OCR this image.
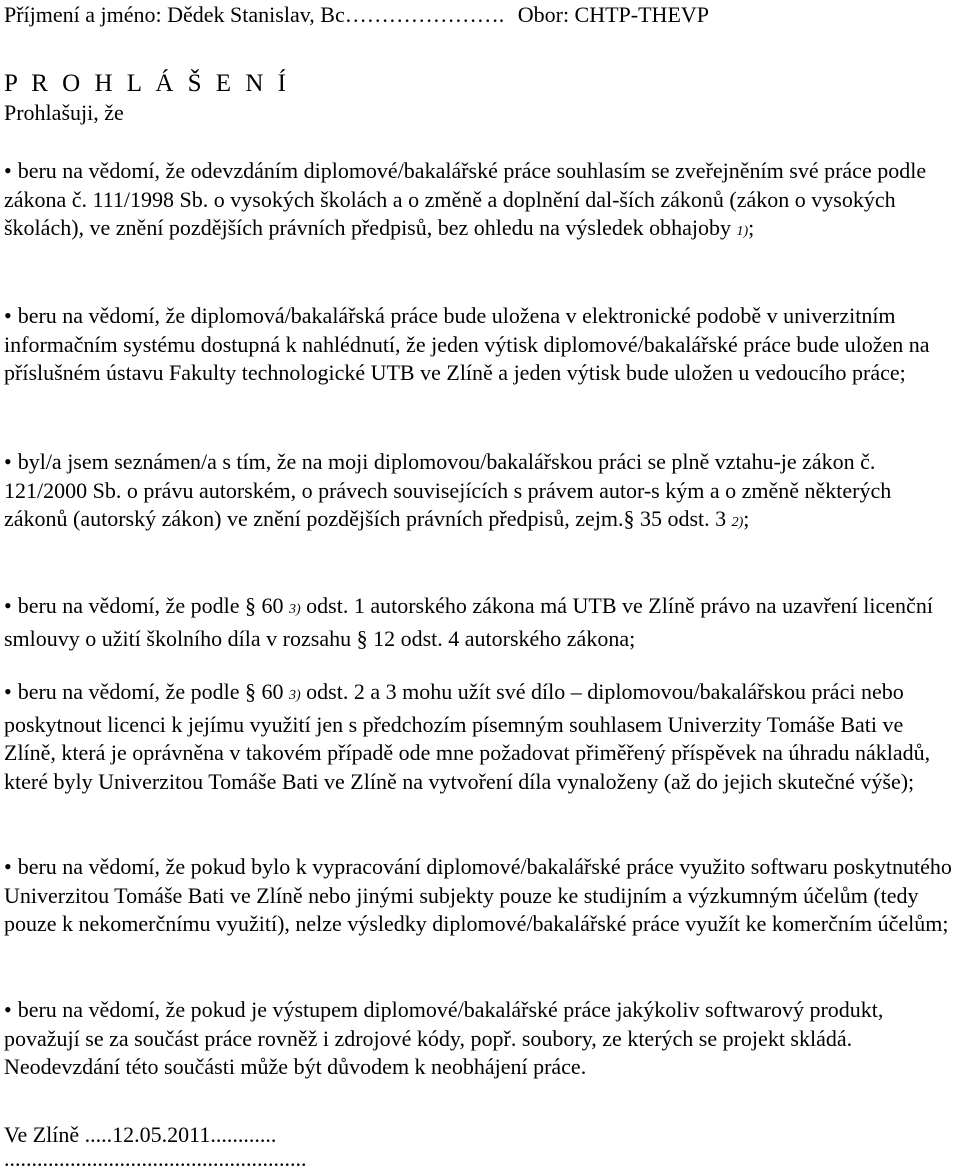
Příjmení a jméno: Dědek Stanislav, Bc…………………. Obor: CHTP-THEVP
P R O H L Á Š E N Í
Prohlašuji, že
• beru na vědomí, že odevzdáním diplomové/bakalářské práce souhlasím se zveřejněním své práce podle zákona č. 111/1998 Sb. o vysokých školách a o změně a doplnění dal-ších zákonů (zákon o vysokých školách), ve znění pozdějších právních předpisů, bez ohledu na výsledek obhajoby 1);
• beru na vědomí, že diplomová/bakalářská práce bude uložena v elektronické podobě v univerzitním informačním systému dostupná k nahlédnutí, že jeden výtisk diplomové/bakalářské práce bude uložen na příslušném ústavu Fakulty technologické UTB ve Zlíně a jeden výtisk bude uložen u vedoucího práce;
• byl/a jsem seznámen/a s tím, že na moji diplomovou/bakalářskou práci se plně vztahu-je zákon č. 121/2000 Sb. o právu autorském, o právech souvisejících s právem autor-s kým a o změně některých zákonů (autorský zákon) ve znění pozdějších právních předpisů, zejm.§ 35 odst. 3 2);
• beru na vědomí, že podle § 60 3) odst. 1 autorského zákona má UTB ve Zlíně právo na uzavření licenční smlouvy o užití školního díla v rozsahu § 12 odst. 4 autorského zákona;
• beru na vědomí, že podle § 60 3) odst. 2 a 3 mohu užít své dílo – diplomovou/bakalářskou práci nebo poskytnout licenci k jejímu využití jen s předchozím písemným souhlasem Univerzity Tomáše Bati ve Zlíně, která je oprávněna v takovém případě ode mne požadovat přiměřený příspěvek na úhradu nákladů, které byly Univerzitou Tomáše Bati ve Zlíně na vytvoření díla vynaloženy (až do jejich skutečné výše);
• beru na vědomí, že pokud bylo k vypracování diplomové/bakalářské práce využito softwaru poskytnutého Univerzitou Tomáše Bati ve Zlíně nebo jinými subjekty pouze ke studijním a výzkumným účelům (tedy pouze k nekomerčnímu využití), nelze výsledky diplomové/bakalářské práce využít ke komerčním účelům;
• beru na vědomí, že pokud je výstupem diplomové/bakalářské práce jakýkoliv softwarový produkt, považují se za součást práce rovněž i zdrojové kódy, popř. soubory, ze kterých se projekt skládá. Neodevzdání této součásti může být důvodem k neobhájení práce.
Ve Zlíně .....12.05.2011............
.......................................................
